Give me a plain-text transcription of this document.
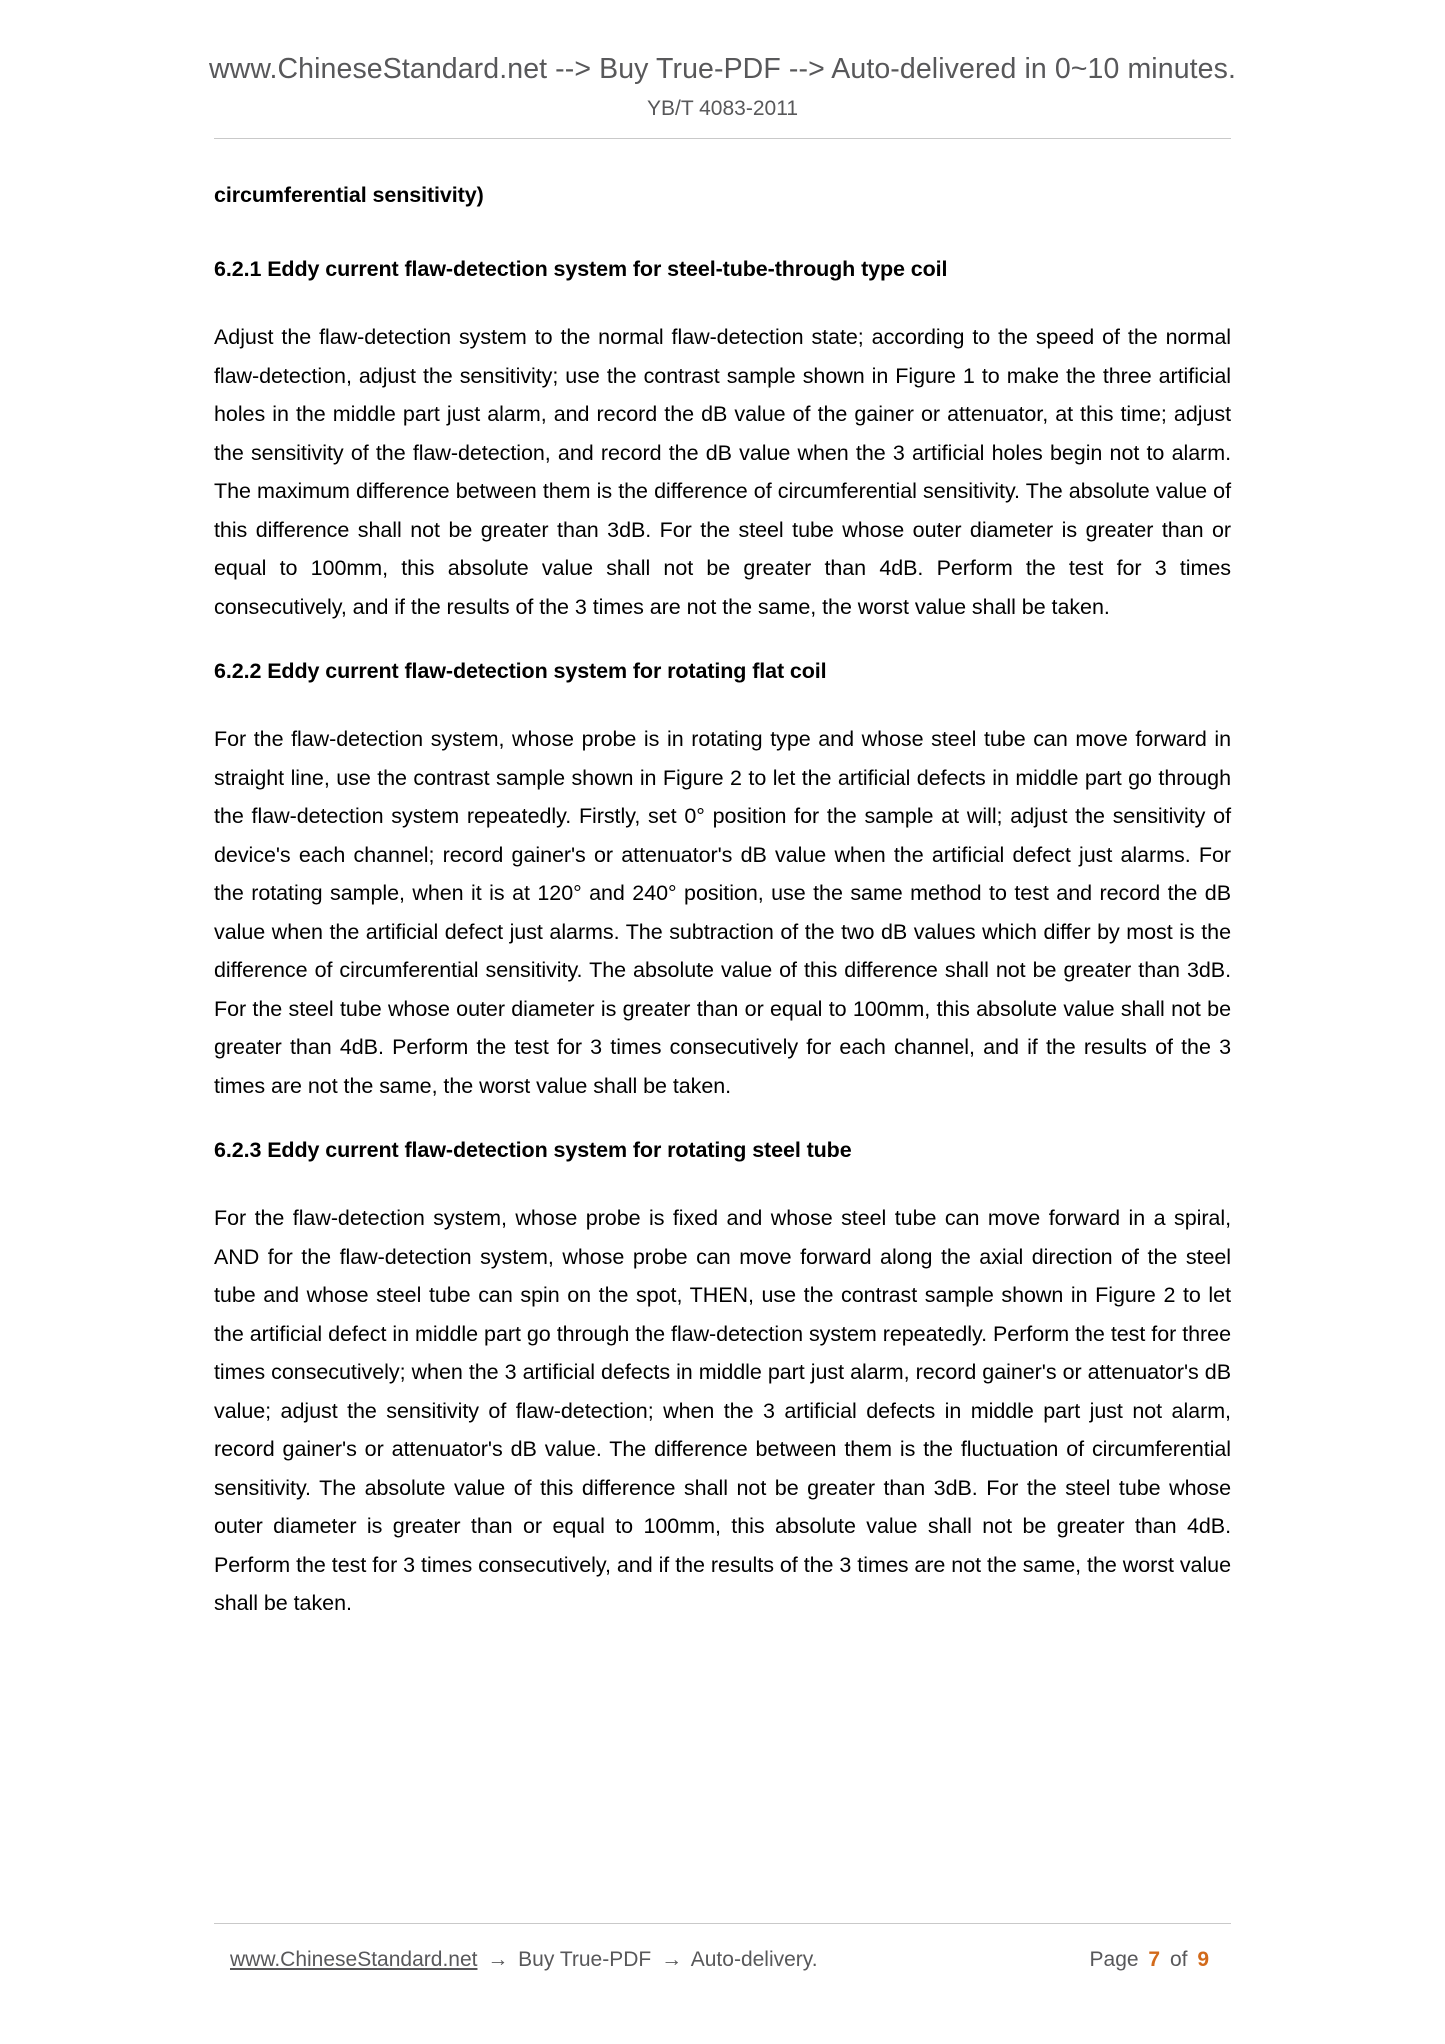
www.ChineseStandard.net --> Buy True-PDF --> Auto-delivered in 0~10 minutes.
YB/T 4083-2011
circumferential sensitivity)
6.2.1 Eddy current flaw-detection system for steel-tube-through type coil

Adjust the flaw-detection system to the normal flaw-detection state; according to the speed of the normal flaw-detection, adjust the sensitivity; use the contrast sample shown in Figure 1 to make the three artificial holes in the middle part just alarm, and record the dB value of the gainer or attenuator, at this time; adjust the sensitivity of the flaw-detection, and record the dB value when the 3 artificial holes begin not to alarm. The maximum difference between them is the difference of circumferential sensitivity. The absolute value of this difference shall not be greater than 3dB. For the steel tube whose outer diameter is greater than or equal to 100mm, this absolute value shall not be greater than 4dB. Perform the test for 3 times consecutively, and if the results of the 3 times are not the same, the worst value shall be taken.

6.2.2 Eddy current flaw-detection system for rotating flat coil

For the flaw-detection system, whose probe is in rotating type and whose steel tube can move forward in straight line, use the contrast sample shown in Figure 2 to let the artificial defects in middle part go through the flaw-detection system repeatedly. Firstly, set 0° position for the sample at will; adjust the sensitivity of device's each channel; record gainer's or attenuator's dB value when the artificial defect just alarms. For the rotating sample, when it is at 120° and 240° position, use the same method to test and record the dB value when the artificial defect just alarms. The subtraction of the two dB values which differ by most is the difference of circumferential sensitivity. The absolute value of this difference shall not be greater than 3dB. For the steel tube whose outer diameter is greater than or equal to 100mm, this absolute value shall not be greater than 4dB. Perform the test for 3 times consecutively for each channel, and if the results of the 3 times are not the same, the worst value shall be taken.

6.2.3 Eddy current flaw-detection system for rotating steel tube

For the flaw-detection system, whose probe is fixed and whose steel tube can move forward in a spiral, AND for the flaw-detection system, whose probe can move forward along the axial direction of the steel tube and whose steel tube can spin on the spot, THEN, use the contrast sample shown in Figure 2 to let the artificial defect in middle part go through the flaw-detection system repeatedly. Perform the test for three times consecutively; when the 3 artificial defects in middle part just alarm, record gainer's or attenuator's dB value; adjust the sensitivity of flaw-detection; when the 3 artificial defects in middle part just not alarm, record gainer's or attenuator's dB value. The difference between them is the fluctuation of circumferential sensitivity. The absolute value of this difference shall not be greater than 3dB. For the steel tube whose outer diameter is greater than or equal to 100mm, this absolute value shall not be greater than 4dB. Perform the test for 3 times consecutively, and if the results of the 3 times are not the same, the worst value shall be taken.

www.ChineseStandard.net → Buy True-PDF → Auto-delivery.	Page 7 of 9
